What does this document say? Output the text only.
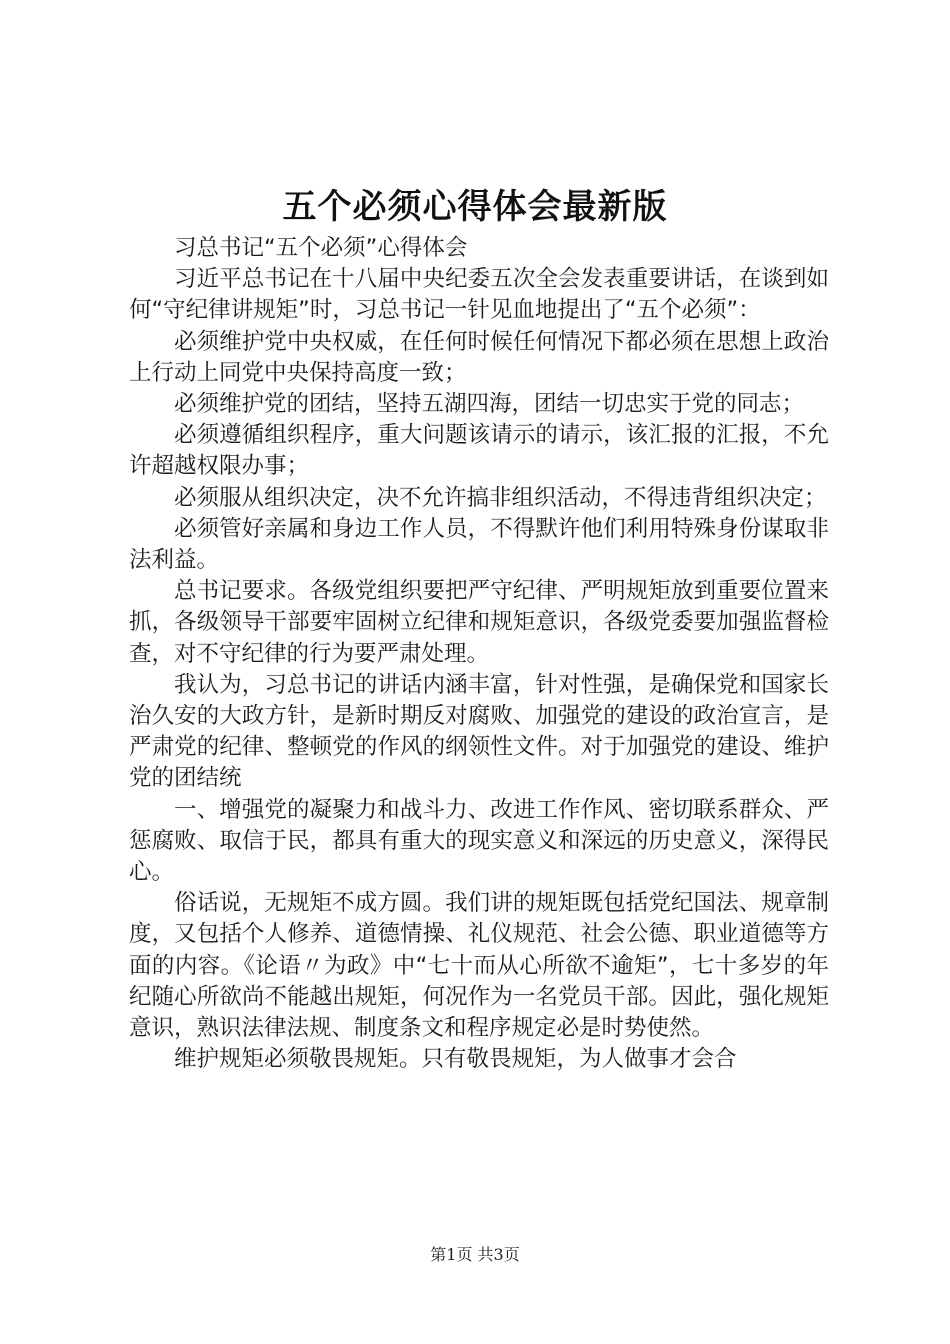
五个必须心得体会最新版

习总书记“五个必须”心得体会

习近平总书记在十八届中央纪委五次全会发表重要讲话，在谈到如何“守纪律讲规矩”时，习总书记一针见血地提出了“五个必须”：

必须维护党中央权威，在任何时候任何情况下都必须在思想上政治上行动上同党中央保持高度一致；

必须维护党的团结，坚持五湖四海，团结一切忠实于党的同志；

必须遵循组织程序，重大问题该请示的请示，该汇报的汇报，不允许超越权限办事；

必须服从组织决定，决不允许搞非组织活动，不得违背组织决定；

必须管好亲属和身边工作人员，不得默许他们利用特殊身份谋取非法利益。

总书记要求。各级党组织要把严守纪律、严明规矩放到重要位置来抓，各级领导干部要牢固树立纪律和规矩意识，各级党委要加强监督检查，对不守纪律的行为要严肃处理。

我认为，习总书记的讲话内涵丰富，针对性强，是确保党和国家长治久安的大政方针，是新时期反对腐败、加强党的建设的政治宣言，是严肃党的纪律、整顿党的作风的纲领性文件。对于加强党的建设、维护党的团结统

一、增强党的凝聚力和战斗力、改进工作作风、密切联系群众、严惩腐败、取信于民，都具有重大的现实意义和深远的历史意义，深得民心。

俗话说，无规矩不成方圆。我们讲的规矩既包括党纪国法、规章制度，又包括个人修养、道德情操、礼仪规范、社会公德、职业道德等方面的内容。《论语〃为政》中“七十而从心所欲不逾矩”，七十多岁的年纪随心所欲尚不能越出规矩，何况作为一名党员干部。因此，强化规矩意识，熟识法律法规、制度条文和程序规定必是时势使然。

维护规矩必须敬畏规矩。只有敬畏规矩，为人做事才会合

第1页 共3页
